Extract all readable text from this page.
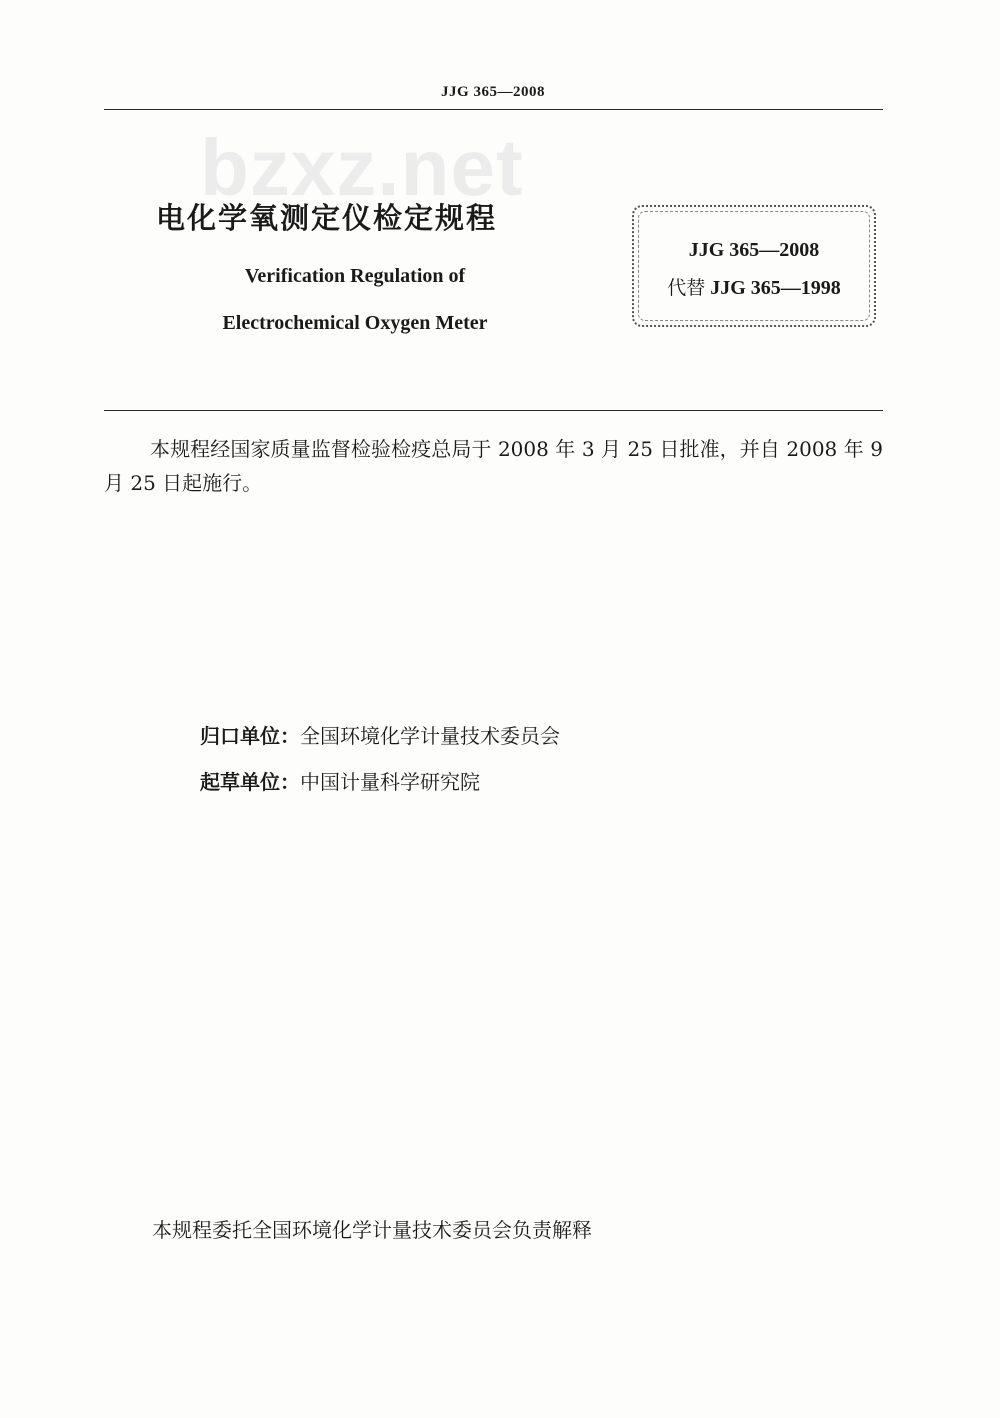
JJG 365—2008
bzxz.net
电化学氧测定仪检定规程
Verification Regulation of
Electrochemical Oxygen Meter
JJG 365—2008
代替 JJG 365—1998
本规程经国家质量监督检验检疫总局于 2008 年 3 月 25 日批准，并自 2008 年 9 月 25 日起施行。
归口单位：全国环境化学计量技术委员会
起草单位：中国计量科学研究院
本规程委托全国环境化学计量技术委员会负责解释
